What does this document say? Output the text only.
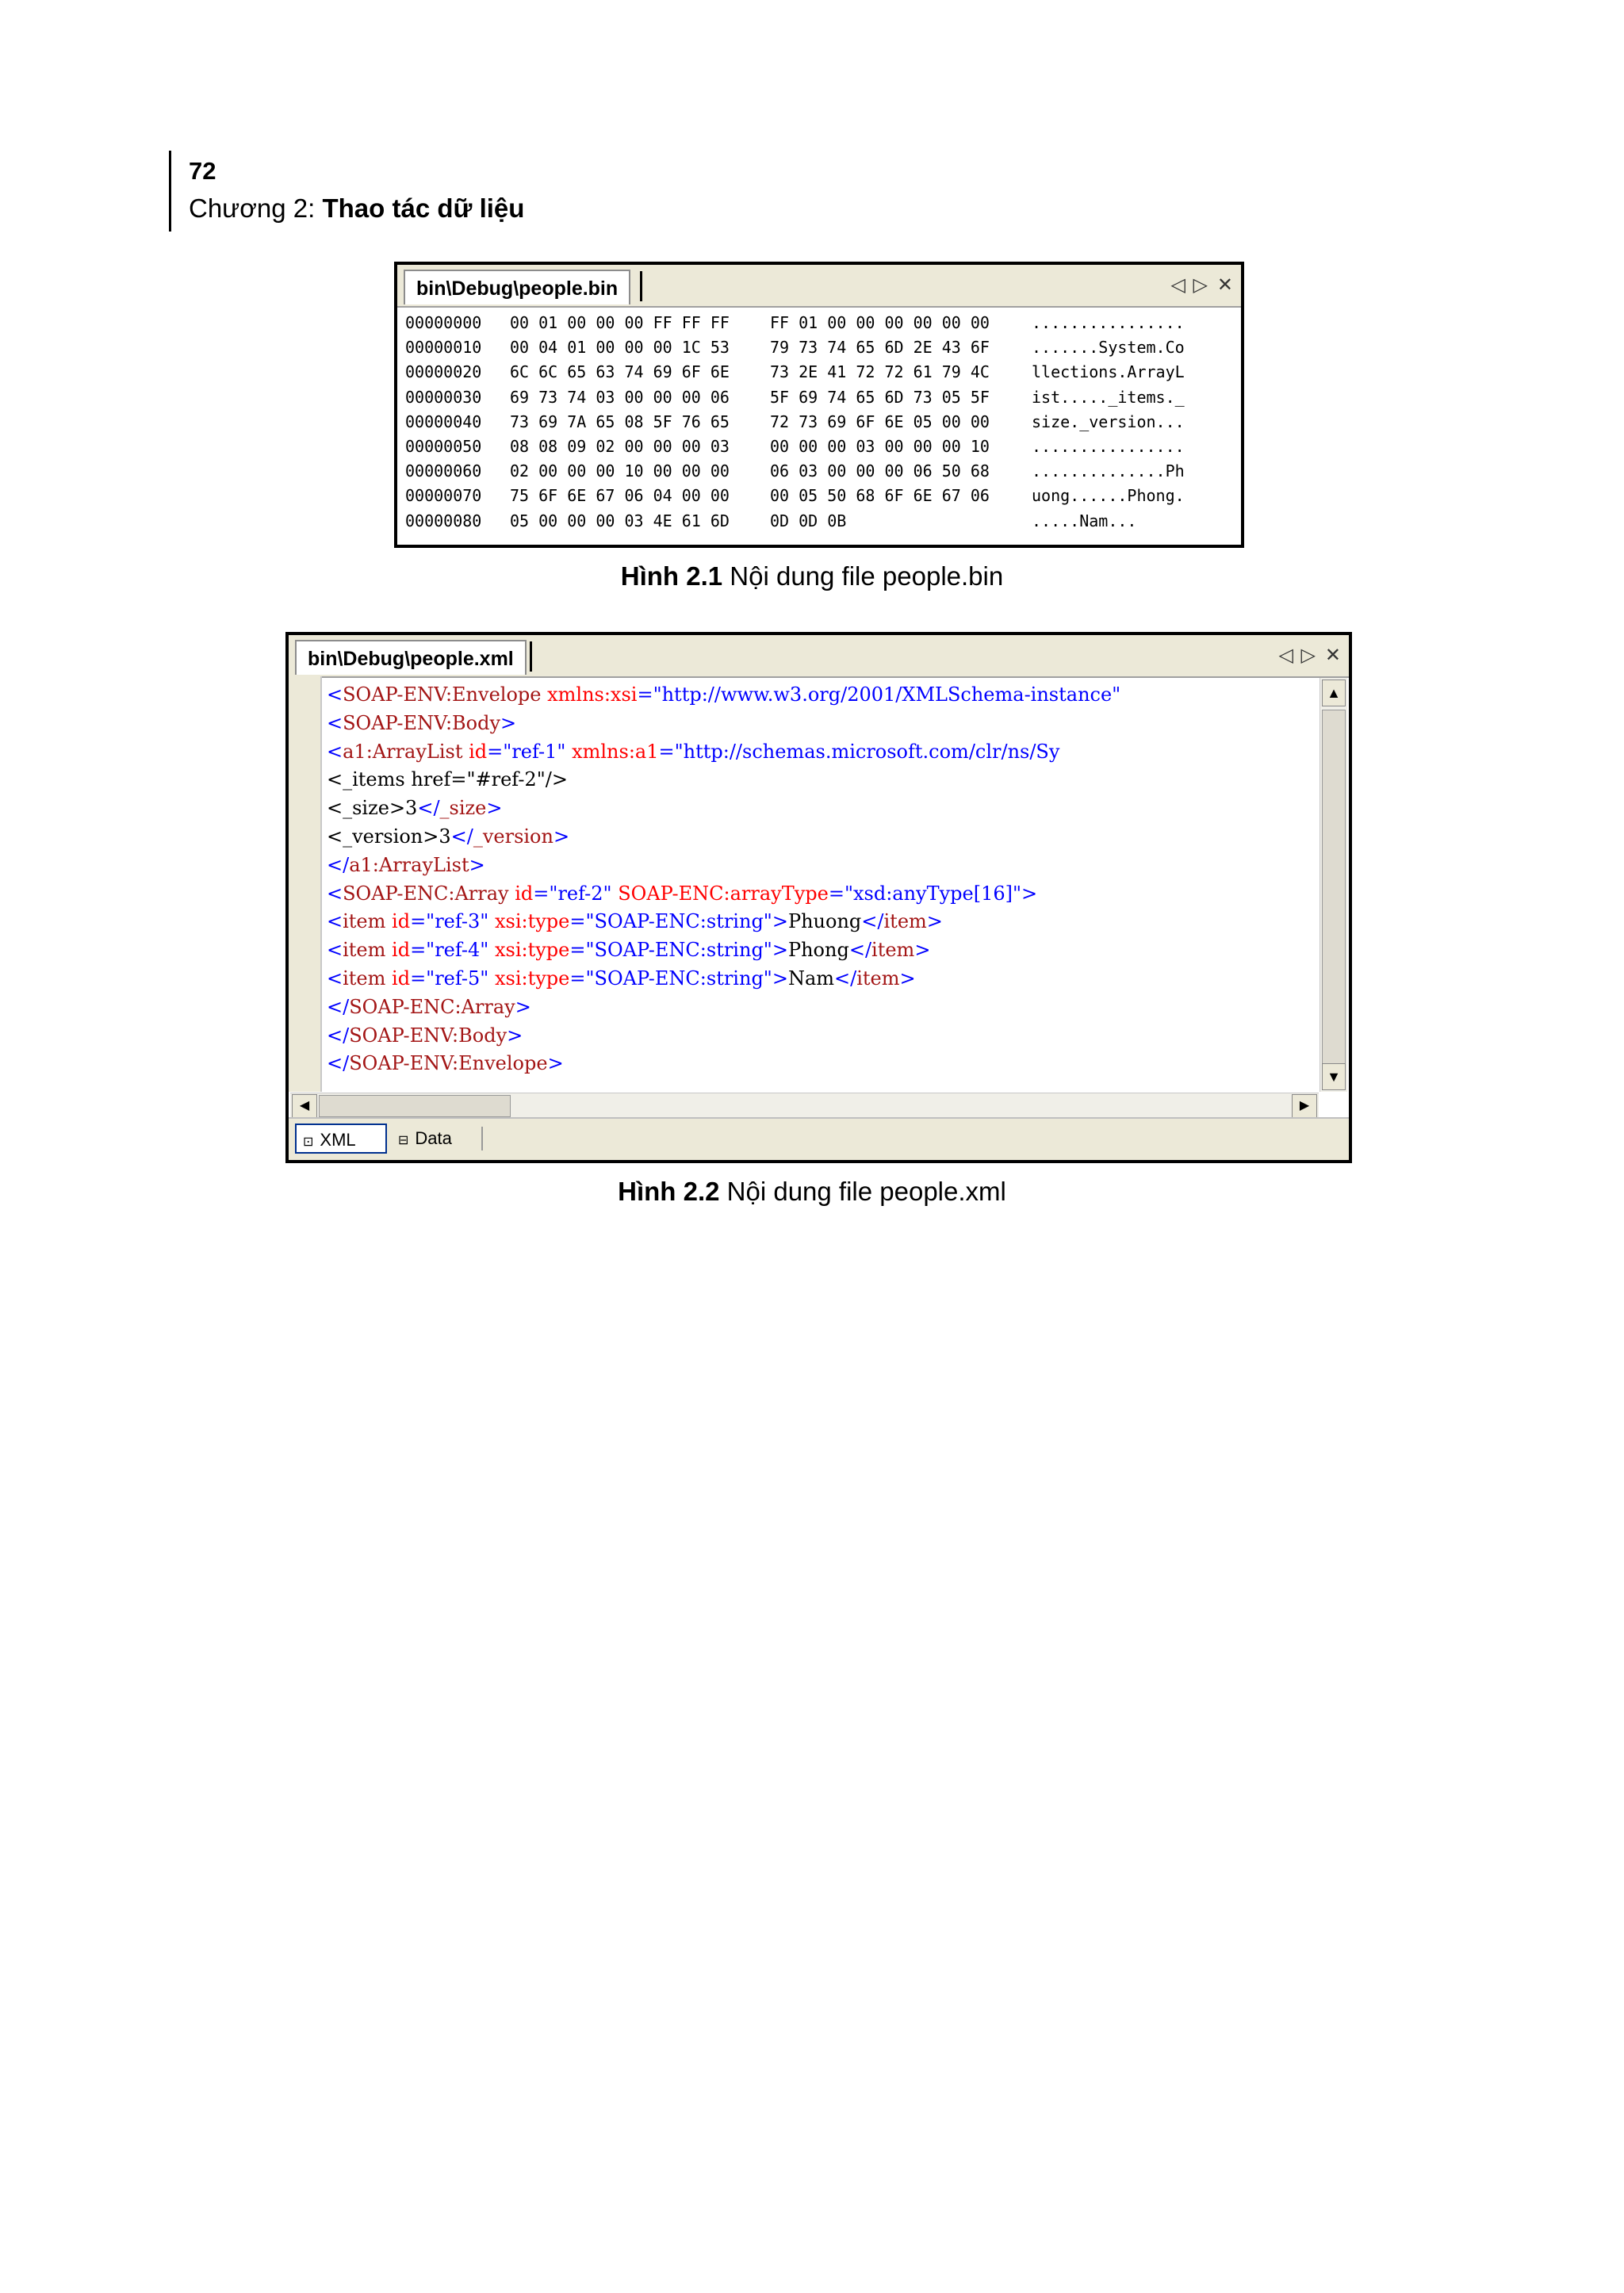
72
Chương 2: Thao tác dữ liệu
bin\Debug\people.bin	◁ ▷ ✕
00000000 00 01 00 00 00 FF FF FF	FF 01 00 00 00 00 00 00	................
00000010 00 04 01 00 00 00 1C 53	79 73 74 65 6D 2E 43 6F	.......System.Co
00000020 6C 6C 65 63 74 69 6F 6E	73 2E 41 72 72 61 79 4C	llections.ArrayL
00000030 69 73 74 03 00 00 00 06	5F 69 74 65 6D 73 05 5F	ist....._items._
00000040 73 69 7A 65 08 5F 76 65	72 73 69 6F 6E 05 00 00	size._version...
00000050 08 08 09 02 00 00 00 03	00 00 00 03 00 00 00 10	................
00000060 02 00 00 00 10 00 00 00	06 03 00 00 00 06 50 68	..............Ph
00000070 75 6F 6E 67 06 04 00 00	00 05 50 68 6F 6E 67 06	uong......Phong.
00000080 05 00 00 00 03 4E 61 6D	0D 0D 0B	.....Nam...
Hình 2.1 Nội dung file people.bin
bin\Debug\people.xml	◁ ▷ ✕
<SOAP-ENV:Envelope xmlns:xsi="http://www.w3.org/2001/XMLSchema-instance"
<SOAP-ENV:Body>
<a1:ArrayList id="ref-1" xmlns:a1="http://schemas.microsoft.com/clr/ns/Sy
<_items href="#ref-2"/>
<_size>3</_size>
<_version>3</_version>
</a1:ArrayList>
<SOAP-ENC:Array id="ref-2" SOAP-ENC:arrayType="xsd:anyType[16]">
<item id="ref-3" xsi:type="SOAP-ENC:string">Phuong</item>
<item id="ref-4" xsi:type="SOAP-ENC:string">Phong</item>
<item id="ref-5" xsi:type="SOAP-ENC:string">Nam</item>
</SOAP-ENC:Array>
</SOAP-ENV:Body>
</SOAP-ENV:Envelope>
▲
▼
◀	▶
⊡ XML	⊟ Data
Hình 2.2 Nội dung file people.xml
